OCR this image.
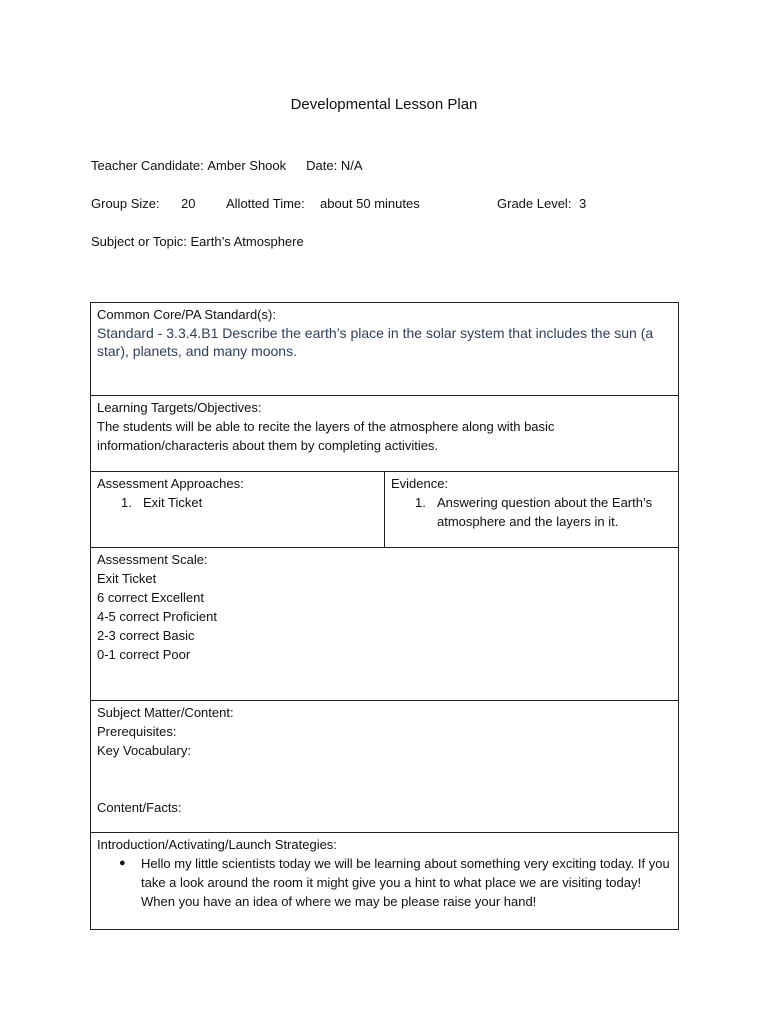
Developmental Lesson Plan
Teacher Candidate: Amber Shook Date: N/A
Group Size: 20 Allotted Time: about 50 minutes	Grade Level: 3
Subject or Topic: Earth’s Atmosphere
Common Core/PA Standard(s):
Standard - 3.3.4.B1 Describe the earth’s place in the solar system that includes the sun (a star), planets, and many moons.

Learning Targets/Objectives:
The students will be able to recite the layers of the atmosphere along with basic information/characteris about them by completing activities.

Assessment Approaches:
1. Exit Ticket

Evidence:
1. Answering question about the Earth’s atmosphere and the layers in it.

Assessment Scale:
Exit Ticket
6 correct Excellent
4-5 correct Proficient
2-3 correct Basic
0-1 correct Poor

Subject Matter/Content:
Prerequisites:
Key Vocabulary:
Content/Facts:

Introduction/Activating/Launch Strategies:
● Hello my little scientists today we will be learning about something very exciting today. If you take a look around the room it might give you a hint to what place we are visiting today! When you have an idea of where we may be please raise your hand!
